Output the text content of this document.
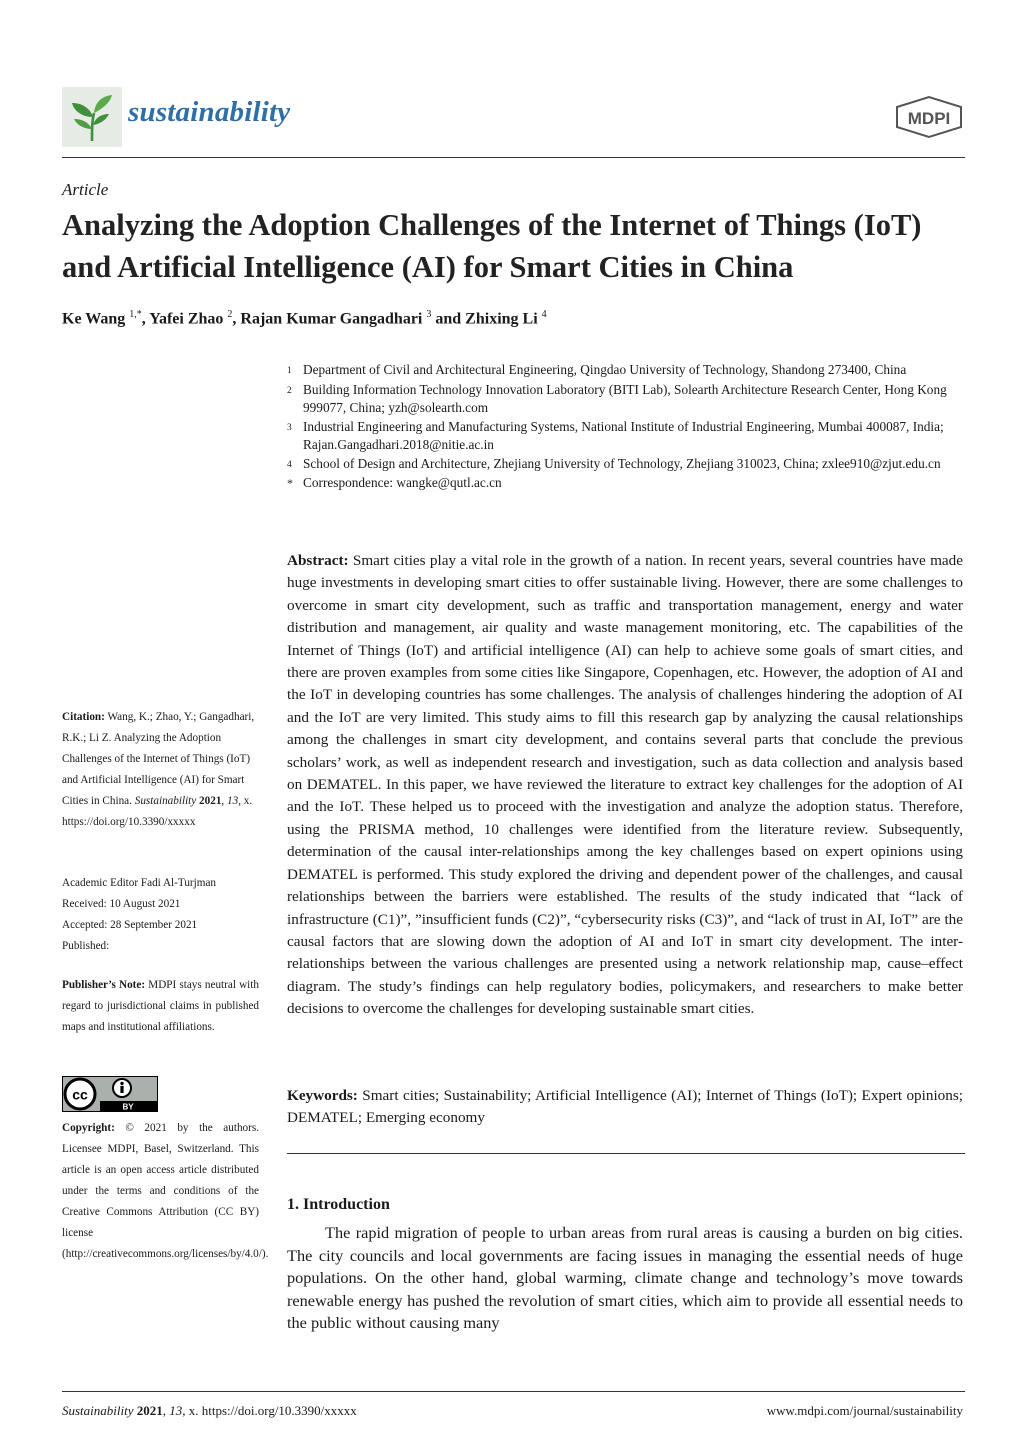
sustainability	MDPI
Article
Analyzing the Adoption Challenges of the Internet of Things (IoT) and Artificial Intelligence (AI) for Smart Cities in China
Ke Wang $^{1,*}$, Yafei Zhao $^2$, Rajan Kumar Gangadhari $^3$ and Zhixing Li $^4$
1 Department of Civil and Architectural Engineering, Qingdao University of Technology, Shandong 273400, China
2 Building Information Technology Innovation Laboratory (BITI Lab), Solearth Architecture Research Center, Hong Kong 999077, China; yzh@solearth.com
3 Industrial Engineering and Manufacturing Systems, National Institute of Industrial Engineering, Mumbai 400087, India; Rajan.Gangadhari.2018@nitie.ac.in
4 School of Design and Architecture, Zhejiang University of Technology, Zhejiang 310023, China; zxlee910@zjut.edu.cn
* Correspondence: wangke@qutl.ac.cn
Abstract: Smart cities play a vital role in the growth of a nation. In recent years, several countries have made huge investments in developing smart cities to offer sustainable living. However, there are some challenges to overcome in smart city development, such as traffic and transportation management, energy and water distribution and management, air quality and waste management monitoring, etc. The capabilities of the Internet of Things (IoT) and artificial intelligence (AI) can help to achieve some goals of smart cities, and there are proven examples from some cities like Singapore, Copenhagen, etc. However, the adoption of AI and the IoT in developing countries has some challenges. The analysis of challenges hindering the adoption of AI and the IoT are very limited. This study aims to fill this research gap by analyzing the causal relationships among the challenges in smart city development, and contains several parts that conclude the previous scholars’ work, as well as independent research and investigation, such as data collection and analysis based on DEMATEL. In this paper, we have reviewed the literature to extract key challenges for the adoption of AI and the IoT. These helped us to proceed with the investigation and analyze the adoption status. Therefore, using the PRISMA method, 10 challenges were identified from the literature review. Subsequently, determination of the causal inter-relationships among the key challenges based on expert opinions using DEMATEL is performed. This study explored the driving and dependent power of the challenges, and causal relationships between the barriers were established. The results of the study indicated that “lack of infrastructure (C1)”, ”insufficient funds (C2)”, “cybersecurity risks (C3)”, and “lack of trust in AI, IoT” are the causal factors that are slowing down the adoption of AI and IoT in smart city development. The inter-relationships between the various challenges are presented using a network relationship map, cause–effect diagram. The study’s findings can help regulatory bodies, policymakers, and researchers to make better decisions to overcome the challenges for developing sustainable smart cities.
Keywords: Smart cities; Sustainability; Artificial Intelligence (AI); Internet of Things (IoT); Expert opinions; DEMATEL; Emerging economy
1. Introduction
The rapid migration of people to urban areas from rural areas is causing a burden on big cities. The city councils and local governments are facing issues in managing the essential needs of huge populations. On the other hand, global warming, climate change and technology’s move towards renewable energy has pushed the revolution of smart cities, which aim to provide all essential needs to the public without causing many
Citation: Wang, K.; Zhao, Y.; Gangadhari, R.K.; Li Z. Analyzing the Adoption Challenges of the Internet of Things (IoT) and Artificial Intelligence (AI) for Smart Cities in China. Sustainability 2021, 13, x. https://doi.org/10.3390/xxxxx
Academic Editor Fadi Al-Turjman
Received: 10 August 2021
Accepted: 28 September 2021
Published:
Publisher’s Note: MDPI stays neutral with regard to jurisdictional claims in published maps and institutional affiliations.
cc
BY
Copyright: © 2021 by the authors. Licensee MDPI, Basel, Switzerland. This article is an open access article distributed under the terms and conditions of the Creative Commons Attribution (CC BY) license (http://creativecommons.org/licenses/by/4.0/).
Sustainability 2021, 13, x. https://doi.org/10.3390/xxxxx	www.mdpi.com/journal/sustainability
